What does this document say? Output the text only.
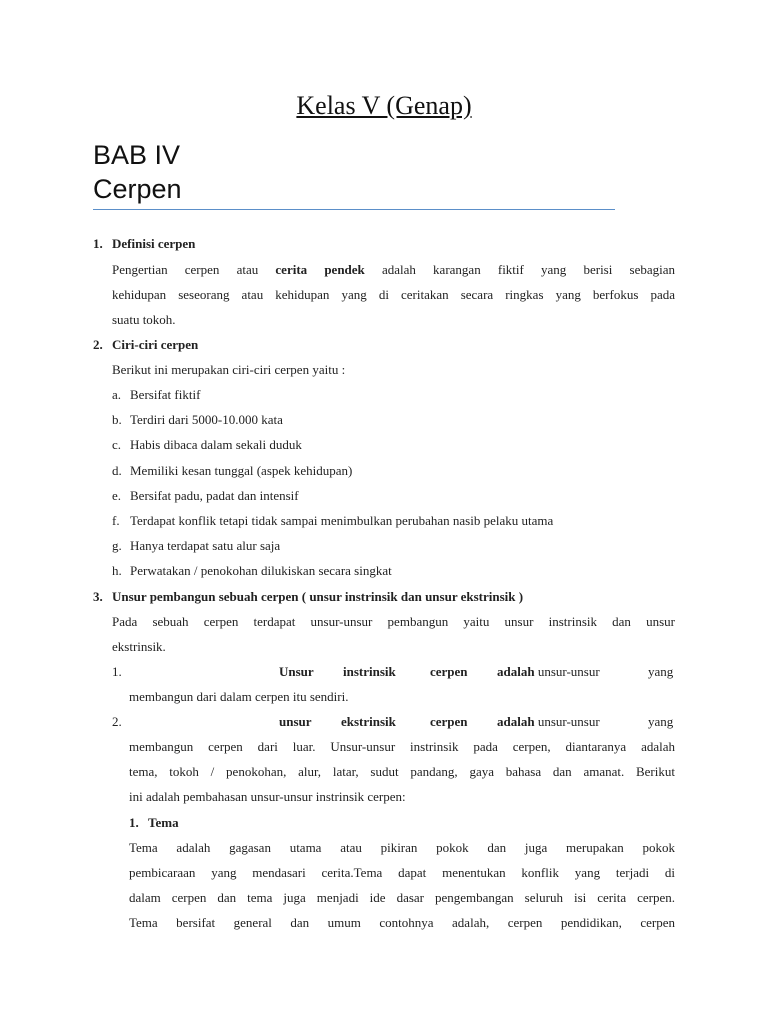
Kelas V (Genap)
BAB IV
Cerpen
1. Definisi cerpen
Pengertian cerpen atau cerita pendek adalah karangan fiktif yang berisi sebagian
kehidupan seseorang atau kehidupan yang di ceritakan secara ringkas yang berfokus pada
suatu tokoh.
2. Ciri-ciri cerpen
Berikut ini merupakan ciri-ciri cerpen yaitu :
a. Bersifat fiktif
b. Terdiri dari 5000-10.000 kata
c. Habis dibaca dalam sekali duduk
d. Memiliki kesan tunggal (aspek kehidupan)
e. Bersifat padu, padat dan intensif
f. Terdapat konflik tetapi tidak sampai menimbulkan perubahan nasib pelaku utama
g. Hanya terdapat satu alur saja
h. Perwatakan / penokohan dilukiskan secara singkat
3. Unsur pembangun sebuah cerpen ( unsur instrinsik dan unsur ekstrinsik )
Pada sebuah cerpen terdapat unsur-unsur pembangun yaitu unsur instrinsik dan unsur
ekstrinsik.
1.	Unsur instrinsik	cerpen adalah unsur-unsur	yang
membangun dari dalam cerpen itu sendiri.
2.	unsur ekstrinsik	cerpen adalah unsur-unsur	yang
membangun cerpen dari luar. Unsur-unsur instrinsik pada cerpen, diantaranya adalah
tema, tokoh / penokohan, alur, latar, sudut pandang, gaya bahasa dan amanat. Berikut
ini adalah pembahasan unsur-unsur instrinsik cerpen:
1. Tema
Tema adalah gagasan utama atau pikiran pokok dan juga merupakan pokok
pembicaraan yang mendasari cerita.Tema dapat menentukan konflik yang terjadi di
dalam cerpen dan tema juga menjadi ide dasar pengembangan seluruh isi cerita cerpen.
Tema bersifat general dan umum contohnya adalah, cerpen pendidikan, cerpen
